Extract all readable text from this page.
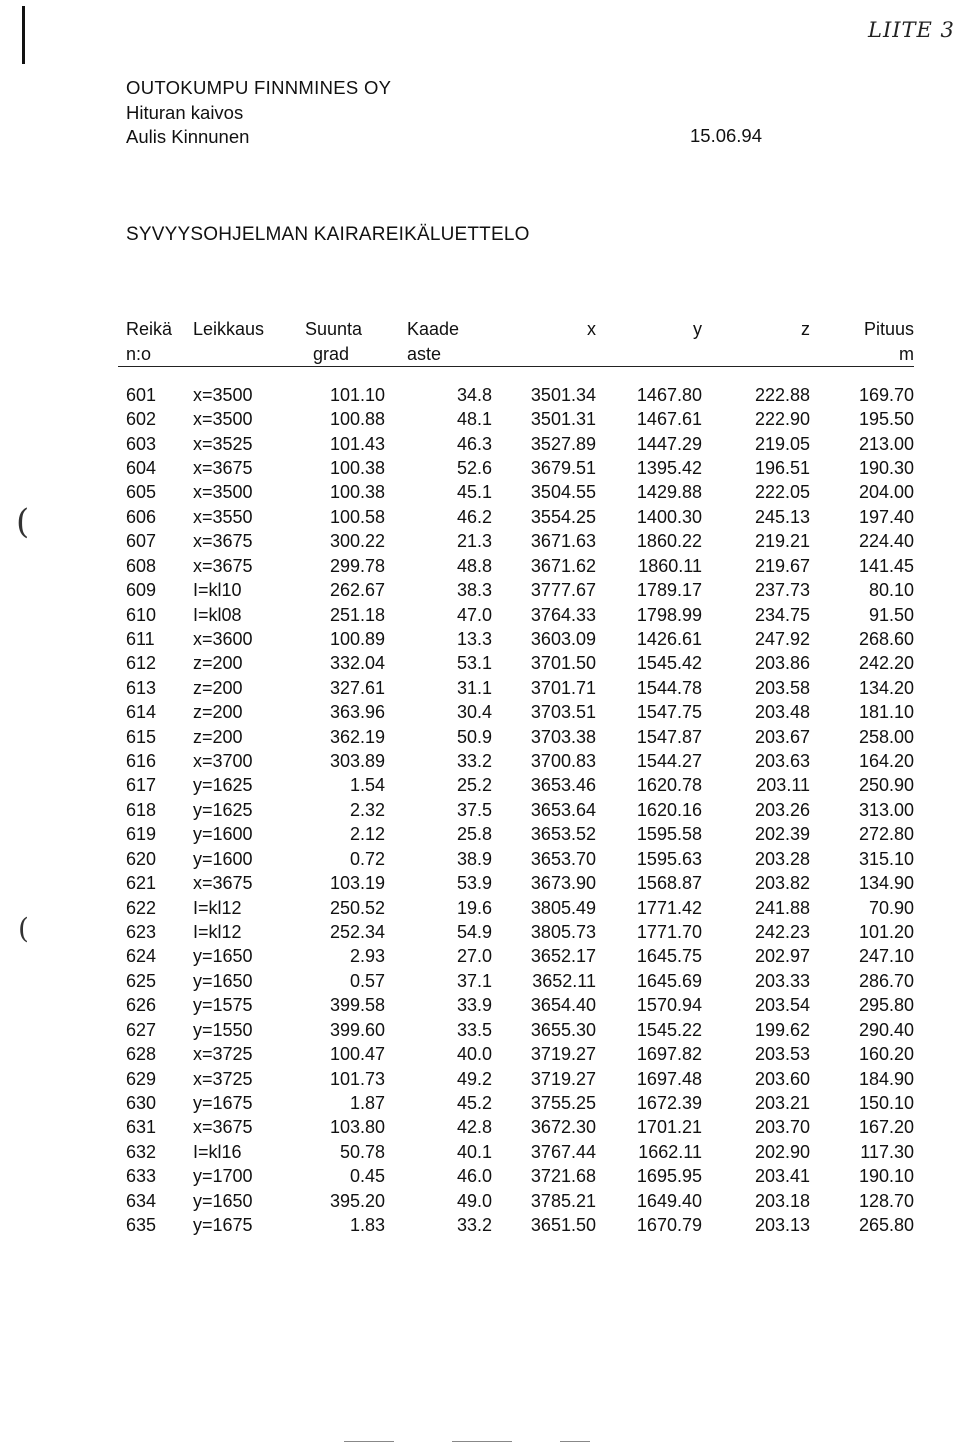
LIITE 3
(
(
OUTOKUMPU FINNMINES OY
Hituran kaivos
Aulis Kinnunen	15.06.94
SYVYYSOHJELMAN KAIRAREIKÄLUETTELO
Reikä	Leikkaus	Suunta	Kaade	x	y	z	Pituus
n:o		grad	aste				m

601	x=3500	101.10	34.8	3501.34	1467.80	222.88	169.70
602	x=3500	100.88	48.1	3501.31	1467.61	222.90	195.50
603	x=3525	101.43	46.3	3527.89	1447.29	219.05	213.00
604	x=3675	100.38	52.6	3679.51	1395.42	196.51	190.30
605	x=3500	100.38	45.1	3504.55	1429.88	222.05	204.00
606	x=3550	100.58	46.2	3554.25	1400.30	245.13	197.40
607	x=3675	300.22	21.3	3671.63	1860.22	219.21	224.40
608	x=3675	299.78	48.8	3671.62	1860.11	219.67	141.45
609	I=kl10	262.67	38.3	3777.67	1789.17	237.73	80.10
610	I=kl08	251.18	47.0	3764.33	1798.99	234.75	91.50
611	x=3600	100.89	13.3	3603.09	1426.61	247.92	268.60
612	z=200	332.04	53.1	3701.50	1545.42	203.86	242.20
613	z=200	327.61	31.1	3701.71	1544.78	203.58	134.20
614	z=200	363.96	30.4	3703.51	1547.75	203.48	181.10
615	z=200	362.19	50.9	3703.38	1547.87	203.67	258.00
616	x=3700	303.89	33.2	3700.83	1544.27	203.63	164.20
617	y=1625	1.54	25.2	3653.46	1620.78	203.11	250.90
618	y=1625	2.32	37.5	3653.64	1620.16	203.26	313.00
619	y=1600	2.12	25.8	3653.52	1595.58	202.39	272.80
620	y=1600	0.72	38.9	3653.70	1595.63	203.28	315.10
621	x=3675	103.19	53.9	3673.90	1568.87	203.82	134.90
622	I=kl12	250.52	19.6	3805.49	1771.42	241.88	70.90
623	I=kl12	252.34	54.9	3805.73	1771.70	242.23	101.20
624	y=1650	2.93	27.0	3652.17	1645.75	202.97	247.10
625	y=1650	0.57	37.1	3652.11	1645.69	203.33	286.70
626	y=1575	399.58	33.9	3654.40	1570.94	203.54	295.80
627	y=1550	399.60	33.5	3655.30	1545.22	199.62	290.40
628	x=3725	100.47	40.0	3719.27	1697.82	203.53	160.20
629	x=3725	101.73	49.2	3719.27	1697.48	203.60	184.90
630	y=1675	1.87	45.2	3755.25	1672.39	203.21	150.10
631	x=3675	103.80	42.8	3672.30	1701.21	203.70	167.20
632	I=kl16	50.78	40.1	3767.44	1662.11	202.90	117.30
633	y=1700	0.45	46.0	3721.68	1695.95	203.41	190.10
634	y=1650	395.20	49.0	3785.21	1649.40	203.18	128.70
635	y=1675	1.83	33.2	3651.50	1670.79	203.13	265.80
